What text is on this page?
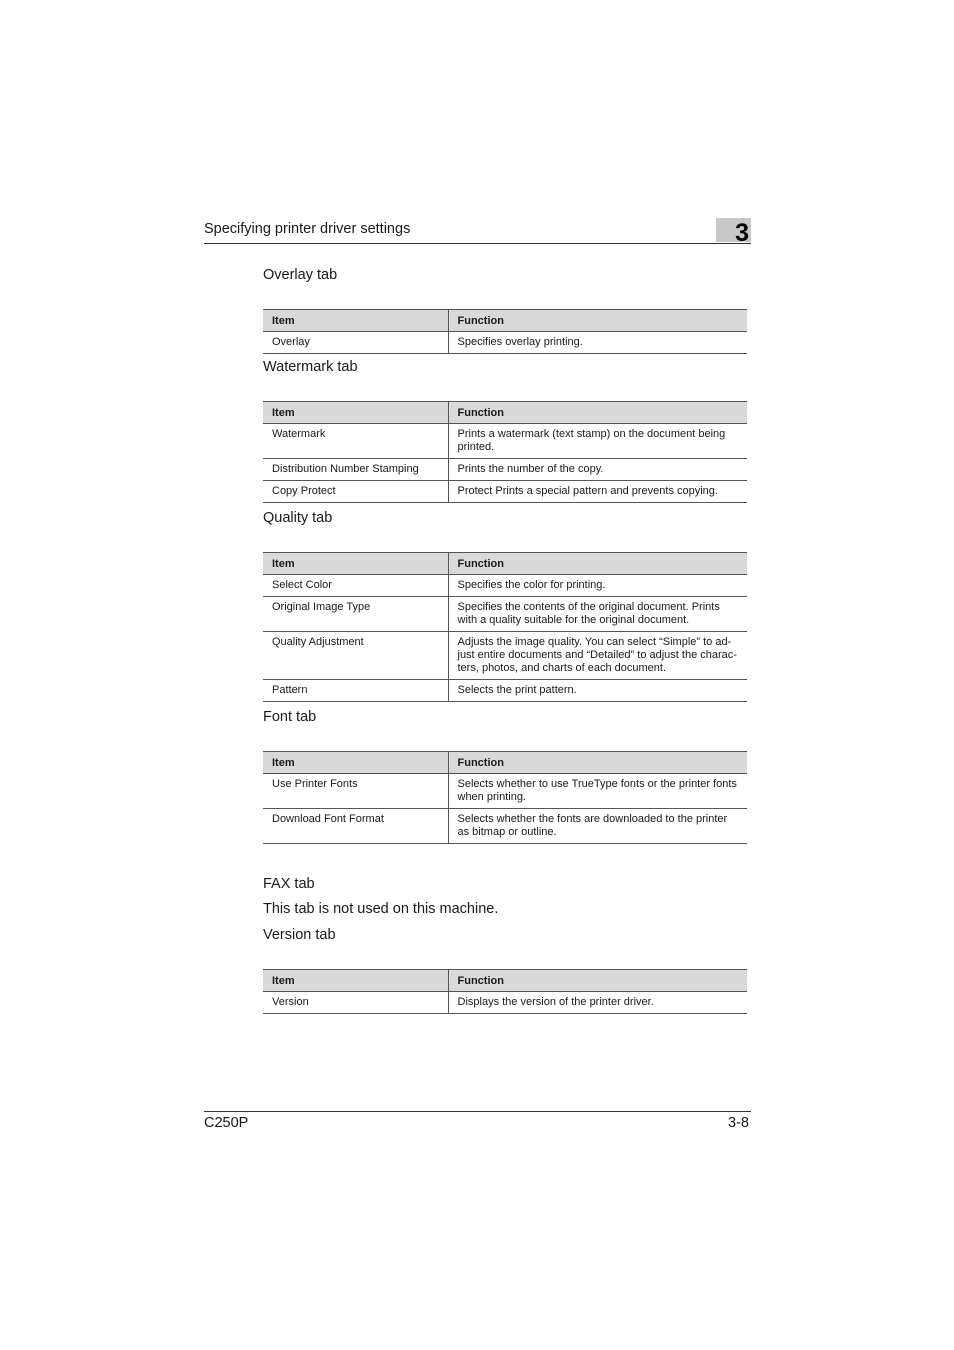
Specifying printer driver settings	3
Overlay tab
Item	Function
Overlay	Specifies overlay printing.
Watermark tab
Item	Function
Watermark	Prints a watermark (text stamp) on the document being printed.
Distribution Number Stamping	Prints the number of the copy.
Copy Protect	Protect Prints a special pattern and prevents copying.
Quality tab
Item	Function
Select Color	Specifies the color for printing.
Original Image Type	Specifies the contents of the original document. Prints with a quality suitable for the original document.
Quality Adjustment	Adjusts the image quality. You can select “Simple” to ad-just entire documents and “Detailed” to adjust the charac-ters, photos, and charts of each document.
Pattern	Selects the print pattern.
Font tab
Item	Function
Use Printer Fonts	Selects whether to use TrueType fonts or the printer fonts when printing.
Download Font Format	Selects whether the fonts are downloaded to the printer as bitmap or outline.
FAX tab
This tab is not used on this machine.
Version tab
Item	Function
Version	Displays the version of the printer driver.
C250P	3-8
